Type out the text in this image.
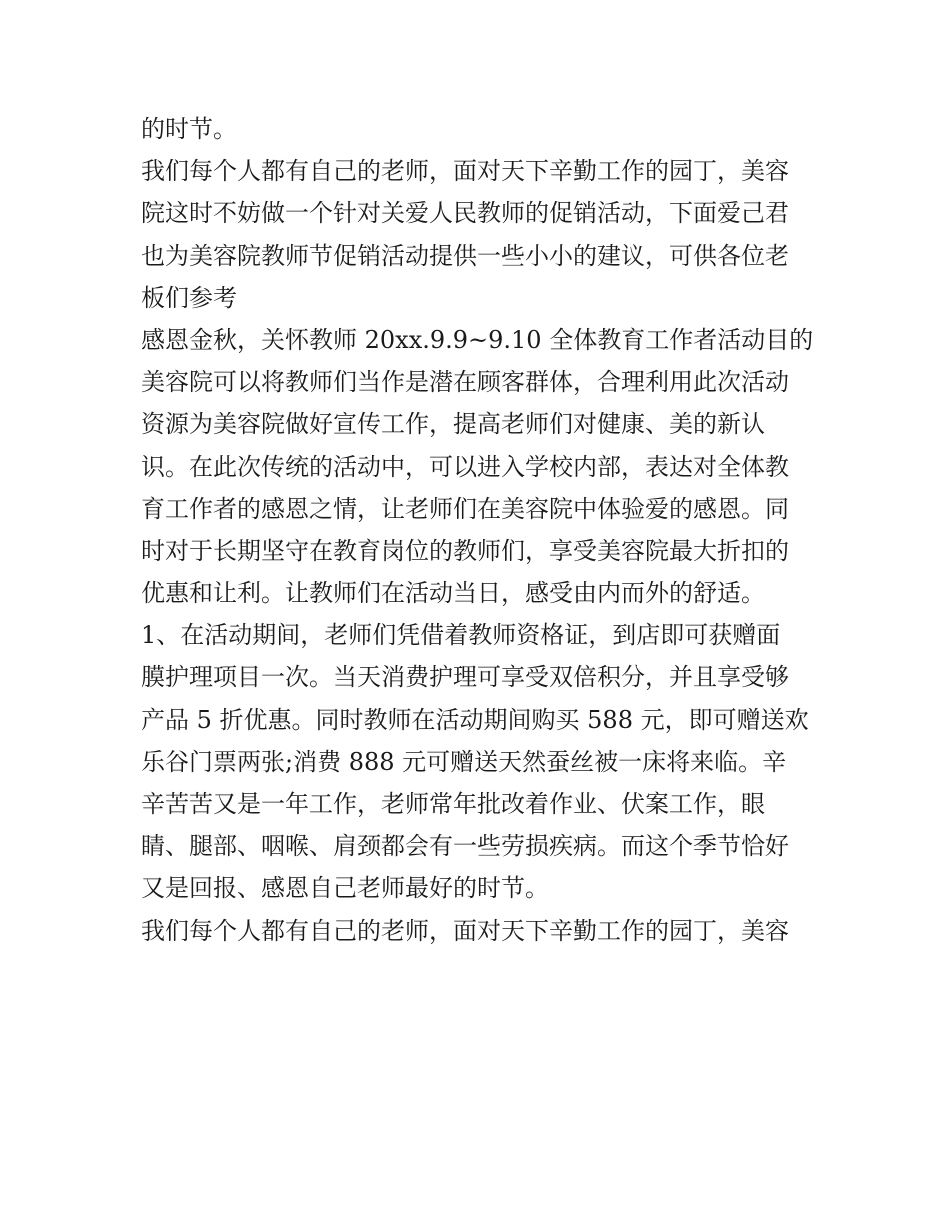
的时节。
我们每个人都有自己的老师，面对天下辛勤工作的园丁，美容
院这时不妨做一个针对关爱人民教师的促销活动，下面爱己君
也为美容院教师节促销活动提供一些小小的建议，可供各位老
板们参考
感恩金秋，关怀教师 20xx.9.9~9.10 全体教育工作者活动目的
美容院可以将教师们当作是潜在顾客群体，合理利用此次活动
资源为美容院做好宣传工作，提高老师们对健康、美的新认
识。在此次传统的活动中，可以进入学校内部，表达对全体教
育工作者的感恩之情，让老师们在美容院中体验爱的感恩。同
时对于长期坚守在教育岗位的教师们，享受美容院最大折扣的
优惠和让利。让教师们在活动当日，感受由内而外的舒适。
1、在活动期间，老师们凭借着教师资格证，到店即可获赠面
膜护理项目一次。当天消费护理可享受双倍积分，并且享受够
产品 5 折优惠。同时教师在活动期间购买 588 元，即可赠送欢
乐谷门票两张;消费 888 元可赠送天然蚕丝被一床将来临。辛
辛苦苦又是一年工作，老师常年批改着作业、伏案工作，眼
睛、腿部、咽喉、肩颈都会有一些劳损疾病。而这个季节恰好
又是回报、感恩自己老师最好的时节。
我们每个人都有自己的老师，面对天下辛勤工作的园丁，美容
